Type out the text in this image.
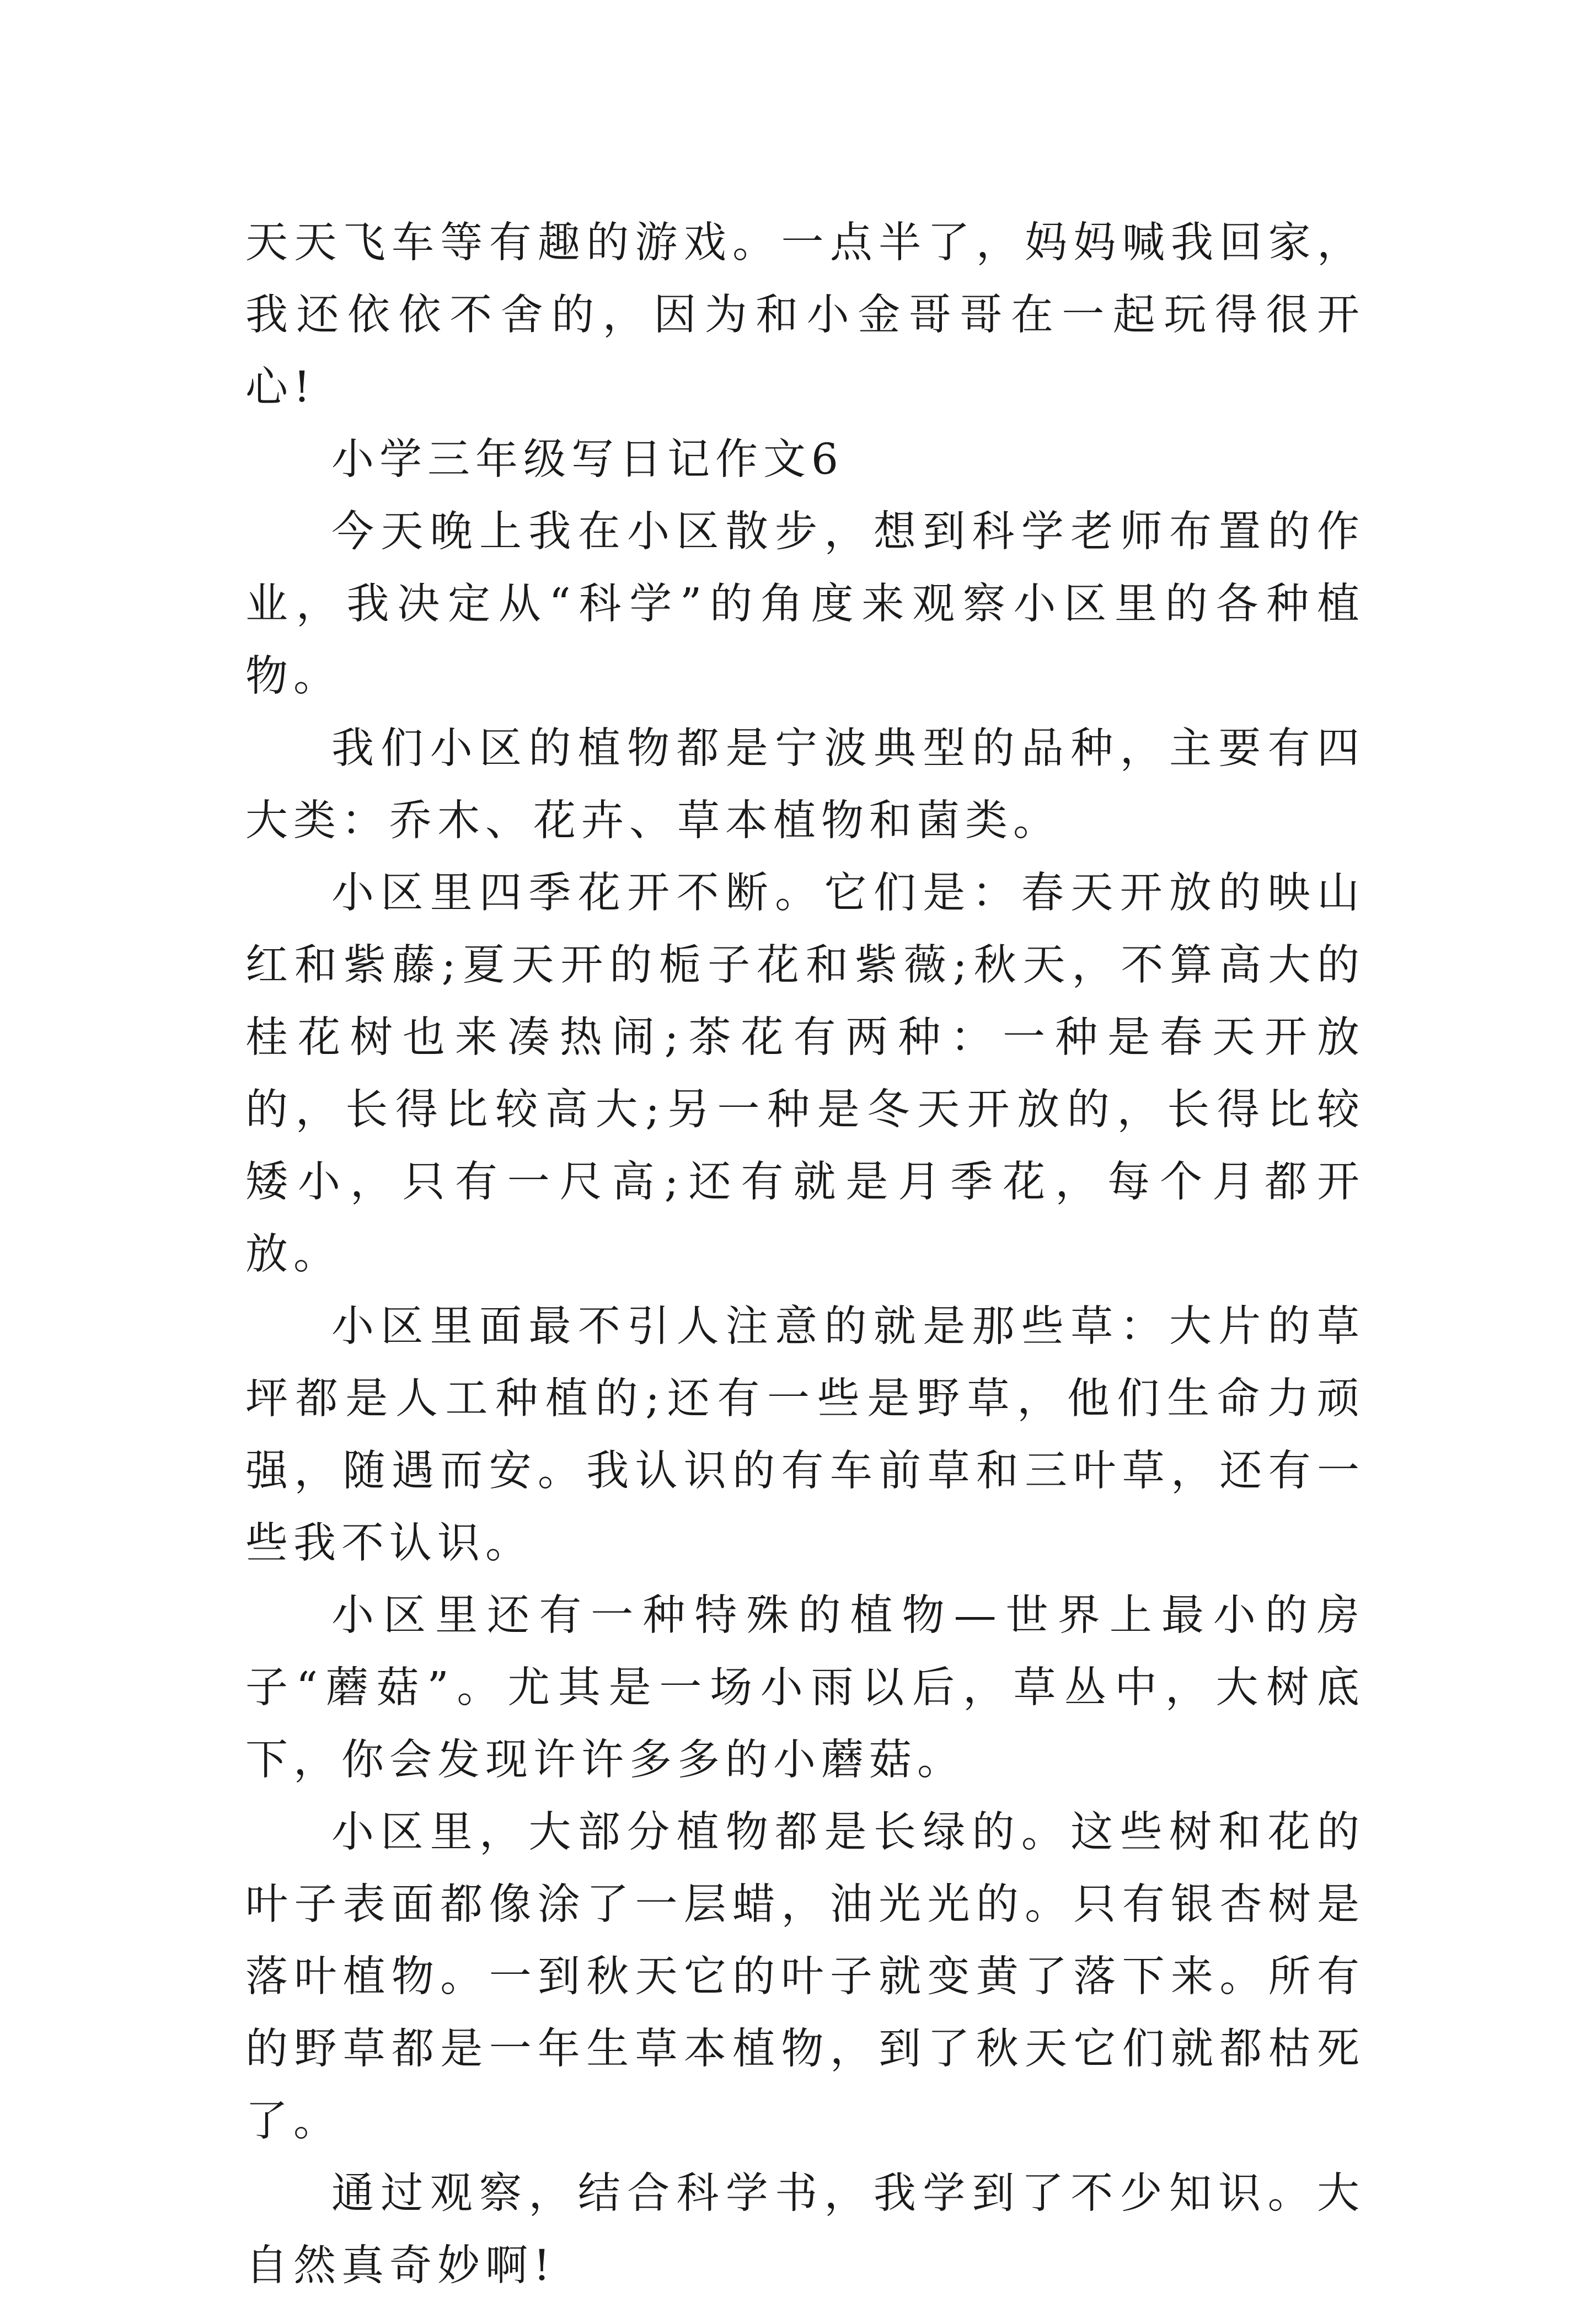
天天飞车等有趣的游戏。一点半了，妈妈喊我回家，我还依依不舍的，因为和小金哥哥在一起玩得很开心!

小学三年级写日记作文6

今天晚上我在小区散步，想到科学老师布置的作业，我决定从“科学”的角度来观察小区里的各种植物。

我们小区的植物都是宁波典型的品种，主要有四大类：乔木、花卉、草本植物和菌类。

小区里四季花开不断。它们是：春天开放的映山红和紫藤;夏天开的栀子花和紫薇;秋天，不算高大的桂花树也来凑热闹;茶花有两种：一种是春天开放的，长得比较高大;另一种是冬天开放的，长得比较矮小，只有一尺高;还有就是月季花，每个月都开放。

小区里面最不引人注意的就是那些草：大片的草坪都是人工种植的;还有一些是野草，他们生命力顽强，随遇而安。我认识的有车前草和三叶草，还有一些我不认识。

小区里还有一种特殊的植物—世界上最小的房子“蘑菇”。尤其是一场小雨以后，草丛中，大树底下，你会发现许许多多的小蘑菇。

小区里，大部分植物都是长绿的。这些树和花的叶子表面都像涂了一层蜡，油光光的。只有银杏树是落叶植物。一到秋天它的叶子就变黄了落下来。所有的野草都是一年生草本植物，到了秋天它们就都枯死了。

通过观察，结合科学书，我学到了不少知识。大自然真奇妙啊!
